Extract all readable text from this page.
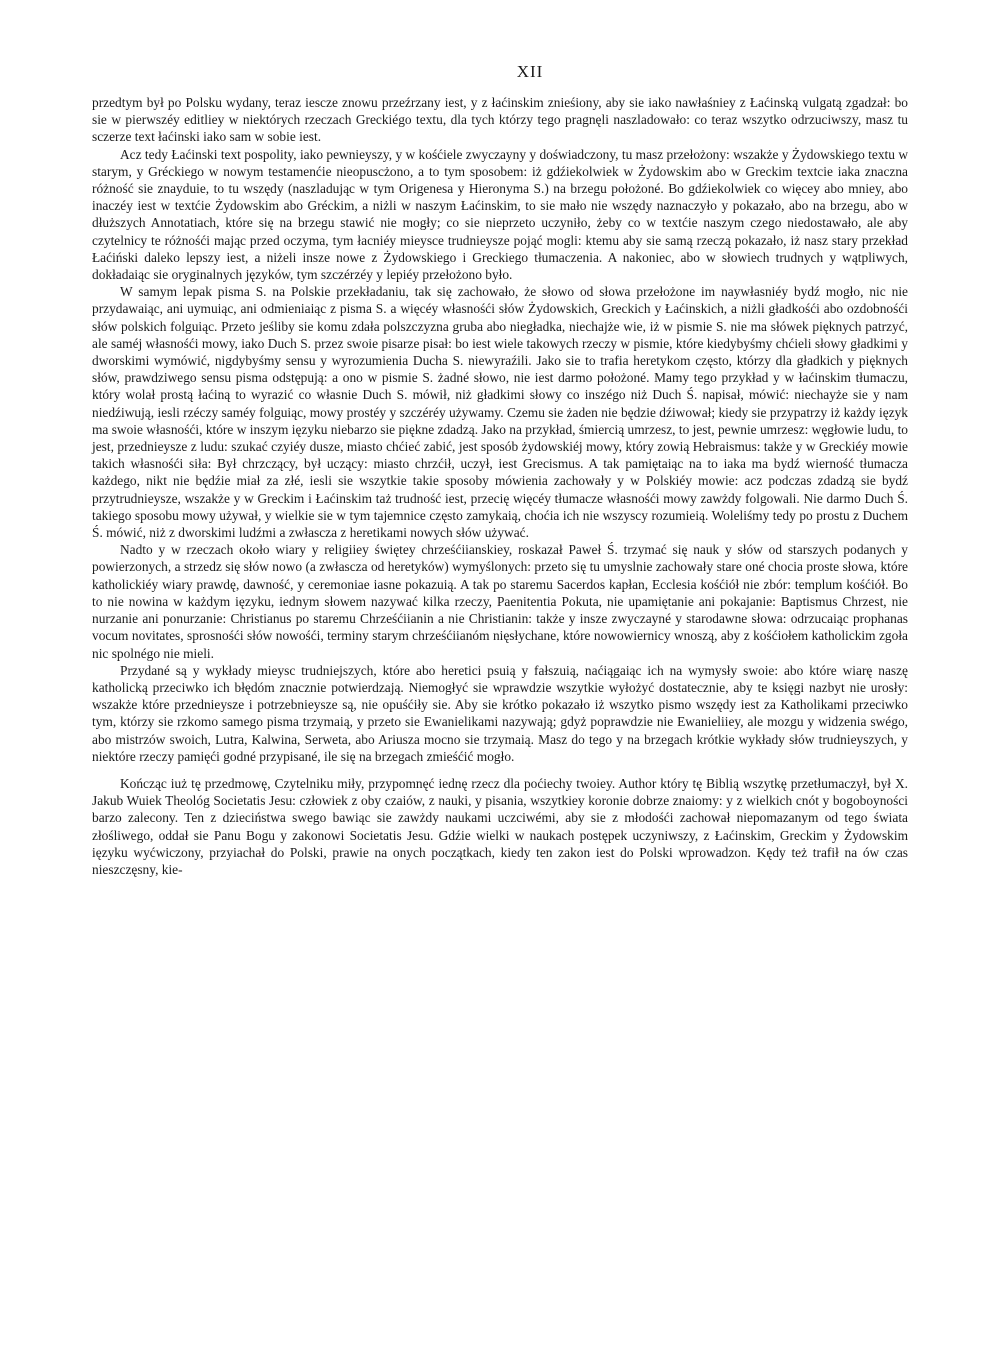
XII

przedtym był po Polsku wydany, teraz iescze znowu przeźrzany iest, y z łaćinskim znieśiony, aby sie iako nawłaśniey z Łaćinską vulgatą zgadzał: bo sie w pierwszéy editliey w niektórych rzeczach Greckiégo textu, dla tych którzy tego pragnęli naszladowało: co teraz wszytko odrzuciwszy, masz tu sczerze text łaćinski iako sam w sobie iest.

Acz tedy Łaćinski text pospolity, iako pewnieyszy, y w kośćiele zwyczayny y doświadczony, tu masz przełożony: wszakże y Żydowskiego textu w starym, y Gréckiego w nowym testamenćie nieopuscżono, a to tym sposobem: iż gdźiekolwiek w Żydowskim abo w Greckim textcie iaka znaczna różność sie znayduie, to tu wszędy (naszladując w tym Origenesa y Hieronyma S.) na brzegu położoné. Bo gdźiekolwiek co więcey abo mniey, abo inaczéy iest w textćie Żydowskim abo Gréckim, a niżli w naszym Łaćinskim, to sie mało nie wszędy naznaczyło y pokazało, abo na brzegu, abo w dłuższych Annotatiach, które się na brzegu stawić nie mogły; co sie nieprzeto uczyniło, żeby co w textćie naszym czego niedostawało, ale aby czytelnicy te różnośći mając przed oczyma, tym łacniéy mieysce trudnieysze pojąć mogli: ktemu aby sie samą rzeczą pokazało, iż nasz stary przekład Łaćiński daleko lepszy iest, a niżeli insze nowe z Żydowskiego i Greckiego tłumaczenia. A nakoniec, abo w słowiech trudnych y wątpliwych, dokładaiąc sie oryginalnych języków, tym szczérzéy y lepiéy przełożono było.

W samym lepak pisma S. na Polskie przekładaniu, tak się zachowało, że słowo od słowa przełożone im naywłasniéy bydź mogło, nic nie przydawaiąc, ani uymuiąc, ani odmieniaiąc z pisma S. a więcéy własnośći słów Żydowskich, Greckich y Łaćinskich, a niżli gładkośći abo ozdobnośći słów polskich folguiąc. Przeto jeśliby sie komu zdała polszczyzna gruba abo niegładka, niechajże wie, iż w pismie S. nie ma słówek pięknych patrzyć, ale saméj własnośći mowy, iako Duch S. przez swoie pisarze pisał: bo iest wiele takowych rzeczy w pismie, które kiedybyśmy chćieli słowy gładkimi y dworskimi wymówić, nigdybyśmy sensu y wyrozumienia Ducha S. niewyraźili. Jako sie to trafia heretykom często, którzy dla gładkich y pięknych słów, prawdziwego sensu pisma odstępują: a ono w pismie S. żadné słowo, nie iest darmo położoné. Mamy tego przykład y w łaćinskim tłumaczu, który wolał prostą łaćiną to wyrazić co własnie Duch S. mówił, niż gładkimi słowy co inszégo niż Duch Ś. napisał, mówić: niechayże sie y nam niedźiwują, iesli rzéczy saméy folguiąc, mowy prostéy y szczéréy używamy. Czemu sie żaden nie będzie dźiwował; kiedy sie przypatrzy iż każdy ięzyk ma swoie własnośći, które w inszym ięzyku niebarzo sie piękne zdadzą. Jako na przykład, śmiercią umrzesz, to jest, pewnie umrzesz: węgłowie ludu, to jest, przednieysze z ludu: szukać czyiéy dusze, miasto chćieć zabić, jest sposób żydowskiéj mowy, który zowią Hebraismus: także y w Greckiéy mowie takich własnośći siła: Był chrzczący, był uczący: miasto chrzćił, uczył, iest Grecismus. A tak pamiętaiąc na to iaka ma bydź wierność tłumacza każdego, nikt nie będźie miał za złé, iesli sie wszytkie takie sposoby mówienia zachowały y w Polskiéy mowie: acz podczas zdadzą sie bydź przytrudnieysze, wszakże y w Greckim i Łaćinskim taż trudność iest, przecię więcéy tłumacze własnośći mowy zawżdy folgowali. Nie darmo Duch Ś. takiego sposobu mowy używał, y wielkie sie w tym tajemnice często zamykaią, choćia ich nie wszyscy rozumieią. Woleliśmy tedy po prostu z Duchem Ś. mówić, niż z dworskimi ludźmi a zwłascza z heretikami nowych słów używać.

Nadto y w rzeczach około wiary y religiiey świętey chrześćiianskiey, roskazał Paweł Ś. trzymać się nauk y słów od starszych podanych y powierzonych, a strzedz się słów nowo (a zwłascza od heretyków) wymyślonych: przeto się tu umyslnie zachowały stare oné chocia proste słowa, które katholickiéy wiary prawdę, dawność, y ceremoniae iasne pokazuią. A tak po staremu Sacerdos kapłan, Ecclesia kośćiół nie zbór: templum kośćiół. Bo to nie nowina w każdym ięzyku, iednym słowem nazywać kilka rzeczy, Paenitentia Pokuta, nie upamiętanie ani pokajanie: Baptismus Chrzest, nie nurzanie ani ponurzanie: Christianus po staremu Chrześćiianin a nie Christianin: także y insze zwyczayné y starodawne słowa: odrzucaiąc prophanas vocum novitates, sprosnośći słów nowośći, terminy starym chrześćiianóm nięsłychane, które nowowiernicy wnoszą, aby z kośćiołem katholickim zgoła nic spolnégo nie mieli.

Przydané są y wykłady mieysc trudniejszych, które abo heretici psuią y fałszuią, naćiągaiąc ich na wymysły swoie: abo które wiarę naszę katholicką przeciwko ich błędóm znacznie potwierdzają. Niemogłyć sie wprawdzie wszytkie wyłożyć dostatecznie, aby te księgi nazbyt nie urosły: wszakże które przednieysze i potrzebnieysze są, nie opuśćiły sie. Aby sie krótko pokazało iż wszytko pismo wszędy iest za Katholikami przeciwko tym, którzy sie rzkomo samego pisma trzymaią, y przeto sie Ewanielikami nazywają; gdyż poprawdzie nie Ewanieliiey, ale mozgu y widzenia swégo, abo mistrzów swoich, Lutra, Kalwina, Serweta, abo Ariusza mocno sie trzymaią. Masz do tego y na brzegach krótkie wykłady słów trudnieyszych, y niektóre rzeczy pamięći godné przypisané, ile się na brzegach zmieśćić mogło.

Kończąc iuż tę przedmowę, Czytelniku miły, przypomnęć iednę rzecz dla poćiechy twoiey. Author który tę Biblią wszytkę przetłumaczył, był X. Jakub Wuiek Theológ Societatis Jesu: człowiek z oby czaiów, z nauki, y pisania, wszytkiey koronie dobrze znaiomy: y z wielkich cnót y bogoboyności barzo zalecony. Ten z dzieciństwa swego bawiąc sie zawżdy naukami uczciwémi, aby sie z młodośći zachował niepomazanym od tego świata złośliwego, oddał sie Panu Bogu y zakonowi Societatis Jesu. Gdźie wielki w naukach postępek uczyniwszy, z Łaćinskim, Greckim y Żydowskim ięzyku wyćwiczony, przyiachał do Polski, prawie na onych początkach, kiedy ten zakon iest do Polski wprowadzon. Kędy też trafił na ów czas nieszczęsny, kie-
